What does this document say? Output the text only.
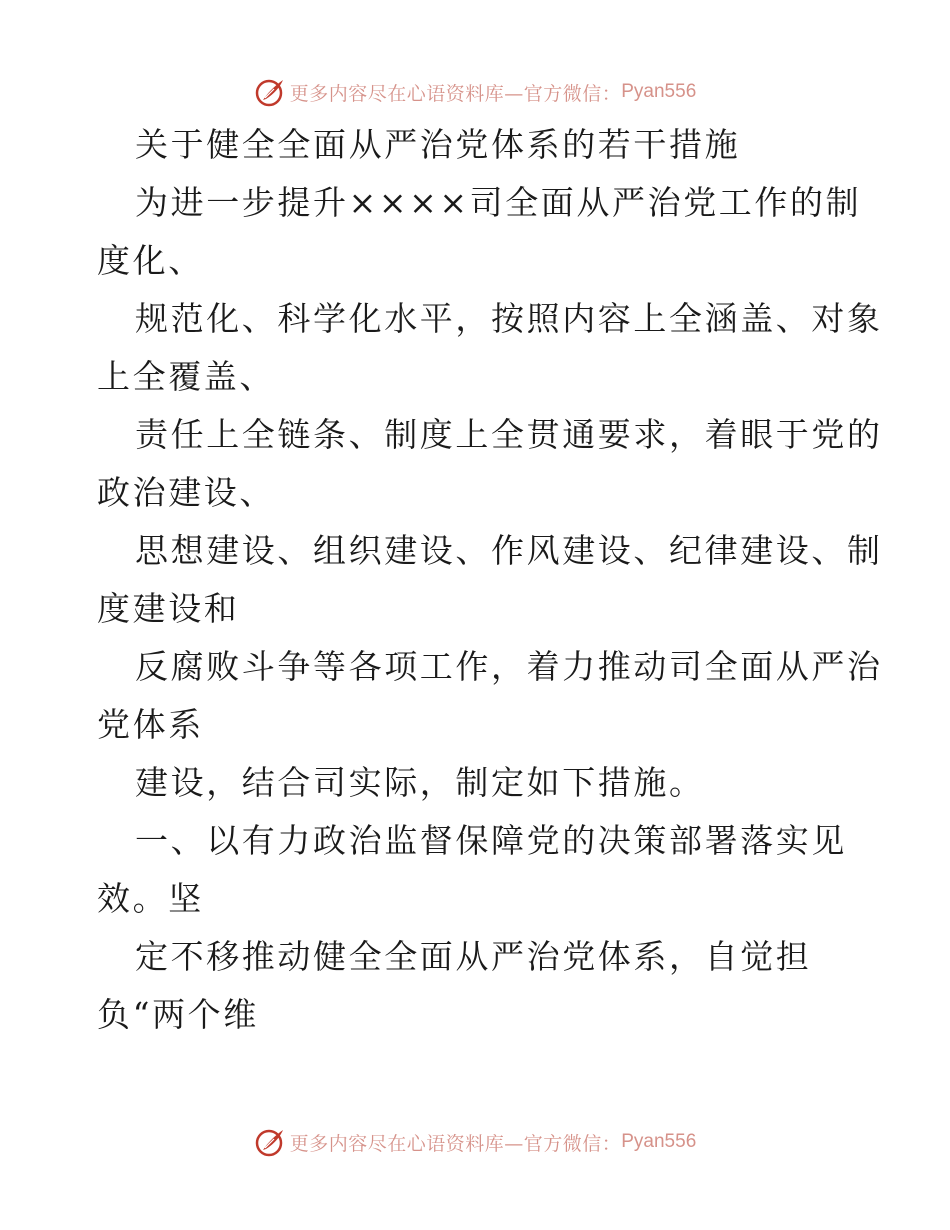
更多内容尽在心语资料库—官方微信： Pyan556
关于健全全面从严治党体系的若干措施
为进一步提升××××司全面从严治党工作的制
度化、
规范化、科学化水平，按照内容上全涵盖、对象
上全覆盖、
责任上全链条、制度上全贯通要求，着眼于党的
政治建设、
思想建设、组织建设、作风建设、纪律建设、制
度建设和
反腐败斗争等各项工作，着力推动司全面从严治
党体系
建设，结合司实际，制定如下措施。
一、以有力政治监督保障党的决策部署落实见
效。坚
定不移推动健全全面从严治党体系，自觉担
负“两个维
更多内容尽在心语资料库—官方微信： Pyan556
